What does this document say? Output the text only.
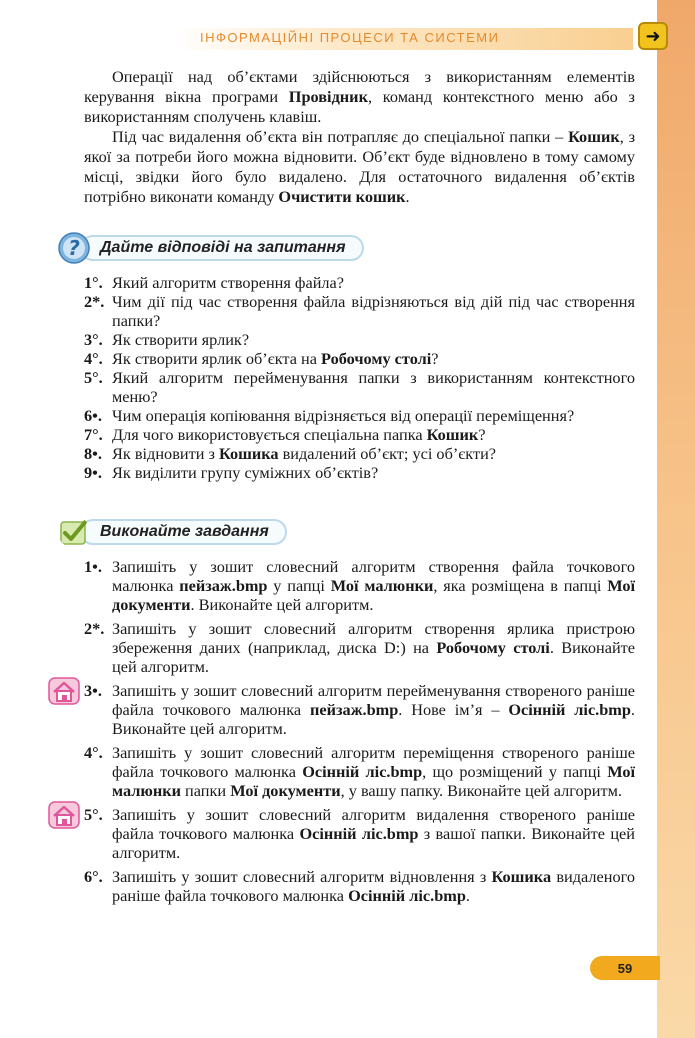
ІНФОРМАЦІЙНІ ПРОЦЕСИ ТА СИСТЕМИ	➜

Операції над об’єктами здійснюються з використанням елементів керування вікна програми Провідник, команд контекстного меню або з використанням сполучень клавіш.

Під час видалення об’єкта він потрапляє до спеціальної папки – Кошик, з якої за потреби його можна відновити. Об’єкт буде відновлено в тому самому місці, звідки його було видалено. Для остаточного видалення об’єктів потрібно виконати команду Очистити кошик.

Дайте відповіді на запитання
?
1°. Який алгоритм створення файла?
2*. Чим дії під час створення файла відрізняються від дій під час створення папки?
3°. Як створити ярлик?
4°. Як створити ярлик об’єкта на Робочому столі?
5°. Який алгоритм перейменування папки з використанням контекстного меню?
6•. Чим операція копіювання відрізняється від операції переміщення?
7°. Для чого використовується спеціальна папка Кошик?
8•. Як відновити з Кошика видалений об’єкт; усі об’єкти?
9•. Як виділити групу суміжних об’єктів?
Виконайте завдання
1•. Запишіть у зошит словесний алгоритм створення файла точкового малюнка пейзаж.bmp у папці Мої малюнки, яка розміщена в папці Мої документи. Виконайте цей алгоритм.
2*. Запишіть у зошит словесний алгоритм створення ярлика пристрою збереження даних (наприклад, диска D:) на Робочому столі. Виконайте цей алгоритм.
3•. Запишіть у зошит словесний алгоритм перейменування створеного раніше файла точкового малюнка пейзаж.bmp. Нове ім’я – Осінній ліс.bmp. Виконайте цей алгоритм.
4°. Запишіть у зошит словесний алгоритм переміщення створеного раніше файла точкового малюнка Осінній ліс.bmp, що розміщений у папці Мої малюнки папки Мої документи, у вашу папку. Виконайте цей алгоритм.
5°. Запишіть у зошит словесний алгоритм видалення створеного раніше файла точкового малюнка Осінній ліс.bmp з вашої папки. Виконайте цей алгоритм.
6°. Запишіть у зошит словесний алгоритм відновлення з Кошика видаленого раніше файла точкового малюнка Осінній ліс.bmp.
59
